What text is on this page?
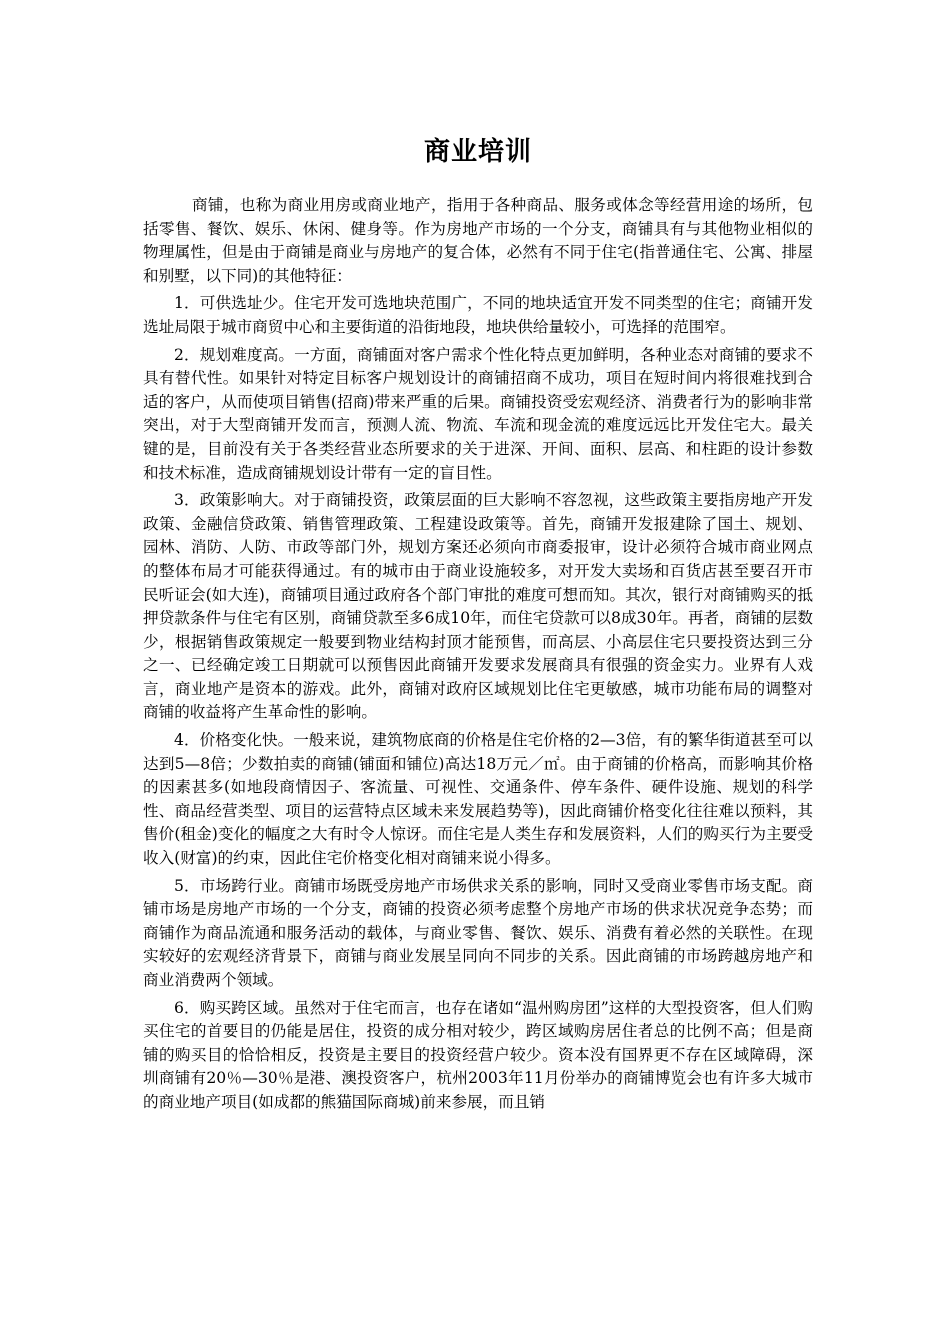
商业培训

商铺，也称为商业用房或商业地产，指用于各种商品、服务或体念等经营用途的场所，包括零售、餐饮、娱乐、休闲、健身等。作为房地产市场的一个分支，商铺具有与其他物业相似的物理属性，但是由于商铺是商业与房地产的复合体，必然有不同于住宅(指普通住宅、公寓、排屋和别墅，以下同)的其他特征：

1．可供选址少。住宅开发可选地块范围广，不同的地块适宜开发不同类型的住宅；商铺开发选址局限于城市商贸中心和主要街道的沿街地段，地块供给量较小，可选择的范围窄。

2．规划难度高。一方面，商铺面对客户需求个性化特点更加鲜明，各种业态对商铺的要求不具有替代性。如果针对特定目标客户规划设计的商铺招商不成功，项目在短时间内将很难找到合适的客户，从而使项目销售(招商)带来严重的后果。商铺投资受宏观经济、消费者行为的影响非常突出，对于大型商铺开发而言，预测人流、物流、车流和现金流的难度远远比开发住宅大。最关键的是，目前没有关于各类经营业态所要求的关于进深、开间、面积、层高、和柱距的设计参数和技术标准，造成商铺规划设计带有一定的盲目性。

3．政策影响大。对于商铺投资，政策层面的巨大影响不容忽视，这些政策主要指房地产开发政策、金融信贷政策、销售管理政策、工程建设政策等。首先，商铺开发报建除了国土、规划、园林、消防、人防、市政等部门外，规划方案还必须向市商委报审，设计必须符合城市商业网点的整体布局才可能获得通过。有的城市由于商业设施较多，对开发大卖场和百货店甚至要召开市民听证会(如大连)，商铺项目通过政府各个部门审批的难度可想而知。其次，银行对商铺购买的抵押贷款条件与住宅有区别，商铺贷款至多6成10年，而住宅贷款可以8成30年。再者，商铺的层数少，根据销售政策规定一般要到物业结构封顶才能预售，而高层、小高层住宅只要投资达到三分之一、已经确定竣工日期就可以预售因此商铺开发要求发展商具有很强的资金实力。业界有人戏言，商业地产是资本的游戏。此外，商铺对政府区域规划比住宅更敏感，城市功能布局的调整对商铺的收益将产生革命性的影响。

4．价格变化快。一般来说，建筑物底商的价格是住宅价格的2—3倍，有的繁华街道甚至可以达到5—8倍；少数拍卖的商铺(铺面和铺位)高达18万元／㎡。由于商铺的价格高，而影响其价格的因素甚多(如地段商情因子、客流量、可视性、交通条件、停车条件、硬件设施、规划的科学性、商品经营类型、项目的运营特点区域未来发展趋势等)，因此商铺价格变化往往难以预料，其售价(租金)变化的幅度之大有时令人惊讶。而住宅是人类生存和发展资料，人们的购买行为主要受收入(财富)的约束，因此住宅价格变化相对商铺来说小得多。

5．市场跨行业。商铺市场既受房地产市场供求关系的影响，同时又受商业零售市场支配。商铺市场是房地产市场的一个分支，商铺的投资必须考虑整个房地产市场的供求状况竞争态势；而商铺作为商品流通和服务活动的载体，与商业零售、餐饮、娱乐、消费有着必然的关联性。在现实较好的宏观经济背景下，商铺与商业发展呈同向不同步的关系。因此商铺的市场跨越房地产和商业消费两个领域。

6．购买跨区域。虽然对于住宅而言，也存在诸如“温州购房团”这样的大型投资客，但人们购买住宅的首要目的仍能是居住，投资的成分相对较少，跨区域购房居住者总的比例不高；但是商铺的购买目的恰恰相反，投资是主要目的投资经营户较少。资本没有国界更不存在区域障碍，深圳商铺有20％—30％是港、澳投资客户，杭州2003年11月份举办的商铺博览会也有许多大城市的商业地产项目(如成都的熊猫国际商城)前来参展，而且销
